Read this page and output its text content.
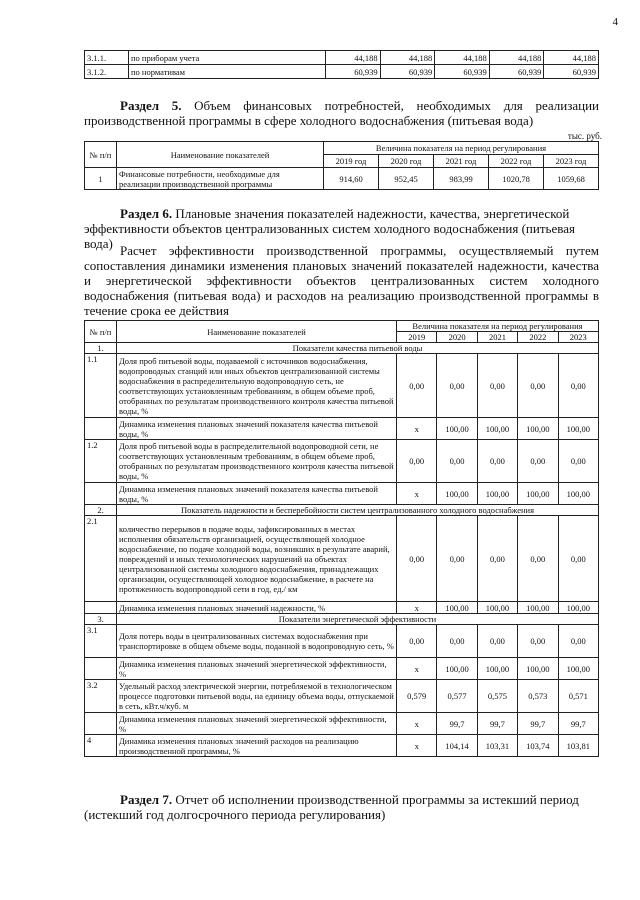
4
3.1.1.	по приборам учета	44,188	44,188	44,188	44,188	44,188
3.1.2.	по нормативам	60,939	60,939	60,939	60,939	60,939
Раздел 5. Объем финансовых потребностей, необходимых для реализации производственной программы в сфере холодного водоснабжения (питьевая вода)
тыс. руб.
№ п/п	Наименование показателей	Величина показателя на период регулирования				
		2019 год	2020 год	2021 год	2022 год	2023 год
1	Финансовые потребности, необходимые для реализации производственной программы	914,60	952,45	983,99	1020,78	1059,68
Раздел 6. Плановые значения показателей надежности, качества, энергетической эффективности объектов централизованных систем холодного водоснабжения (питьевая вода) Расчет эффективности производственной программы, осуществляемый путем сопоставления динамики изменения плановых значений показателей надежности, качества и энергетической эффективности объектов централизованных систем холодного водоснабжения (питьевая вода) и расходов на реализацию производственной программы в течение срока ее действия
№ п/п	Наименование показателей	Величина показателя на период регулирования				
		2019	2020	2021	2022	2023
1.	Показатели качества питьевой воды					
1.1	Доля проб питьевой воды, подаваемой с источников водоснабжения, водопроводных станций или иных объектов централизованной системы водоснабжения в распределительную водопроводную сеть, не соответствующих установленным требованиям, в общем объеме проб, отобранных по результатам производственного контроля качества питьевой воды, %	0,00	0,00	0,00	0,00	0,00
	Динамика изменения плановых значений показателя качества питьевой воды, %	x	100,00	100,00	100,00	100,00
1.2	Доля проб питьевой воды в распределительной водопроводной сети, не соответствующих установленным требованиям, в общем объеме проб, отобранных по результатам производственного контроля качества питьевой воды, %	0,00	0,00	0,00	0,00	0,00
	Динамика изменения плановых значений показателя качества питьевой воды, %	x	100,00	100,00	100,00	100,00
2.	Показатель надежности и бесперебойности систем централизованного холодного водоснабжения					
2.1	количество перерывов в подаче воды, зафиксированных в местах исполнения обязательств организацией, осуществляющей холодное водоснабжение, по подаче холодной воды, возникших в результате аварий, повреждений и иных технологических нарушений на объектах централизованной системы холодного водоснабжения, принадлежащих организации, осуществляющей холодное водоснабжение, в расчете на протяженность водопроводной сети в год, ед./ км	0,00	0,00	0,00	0,00	0,00
	Динамика изменения плановых значений надежности, %	x	100,00	100,00	100,00	100,00
3.	Показатели энергетической эффективности					
3.1	Доля потерь воды в централизованных системах водоснабжения при транспортировке в общем объеме воды, поданной в водопроводную сеть, %	0,00	0,00	0,00	0,00	0,00
	Динамика изменения плановых значений энергетической эффективности, %	x	100,00	100,00	100,00	100,00
3.2	Удельный расход электрической энергии, потребляемой в технологическом процессе подготовки питьевой воды, на единицу объема воды, отпускаемой в сеть, кВт.ч/куб. м	0,579	0,577	0,575	0,573	0,571
	Динамика изменения плановых значений энергетической эффективности, %	x	99,7	99,7	99,7	99,7
4	Динамика изменения плановых значений расходов на реализацию производственной программы, %	x	104,14	103,31	103,74	103,81
Раздел 7. Отчет об исполнении производственной программы за истекший период (истекший год долгосрочного периода регулирования)
